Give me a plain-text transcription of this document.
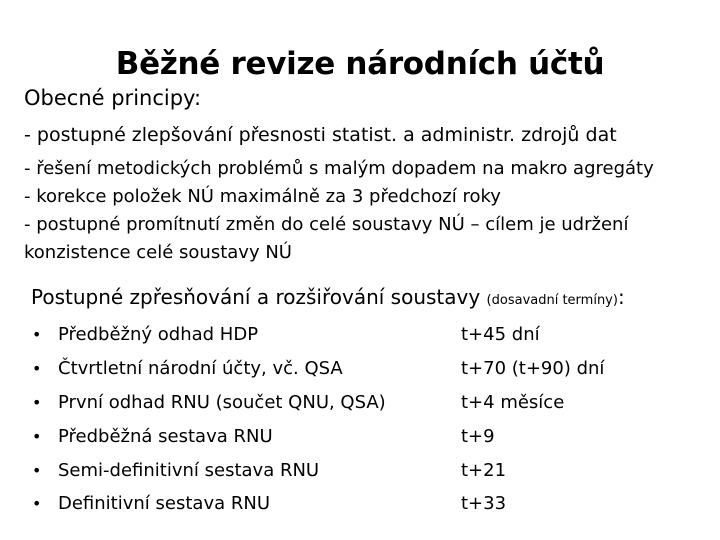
Běžné revize národních účtů
Obecné principy:
- postupné zlepšování přesnosti statist. a administr. zdrojů dat
- řešení metodických problémů s malým dopadem na makro agregáty
- korekce položek NÚ maximálně za 3 předchozí roky
- postupné promítnutí změn do celé soustavy NÚ – cílem je udržení
konzistence celé soustavy NÚ
Postupné zpřesňování a rozšiřování soustavy (dosavadní termíny):
• Předběžný odhad HDP	t+45 dní
• Čtvrtletní národní účty, vč. QSA	t+70 (t+90) dní
• První odhad RNU (součet QNU, QSA)	t+4 měsíce
• Předběžná sestava RNU	t+9
• Semi-definitivní sestava RNU	t+21
• Definitivní sestava RNU	t+33
